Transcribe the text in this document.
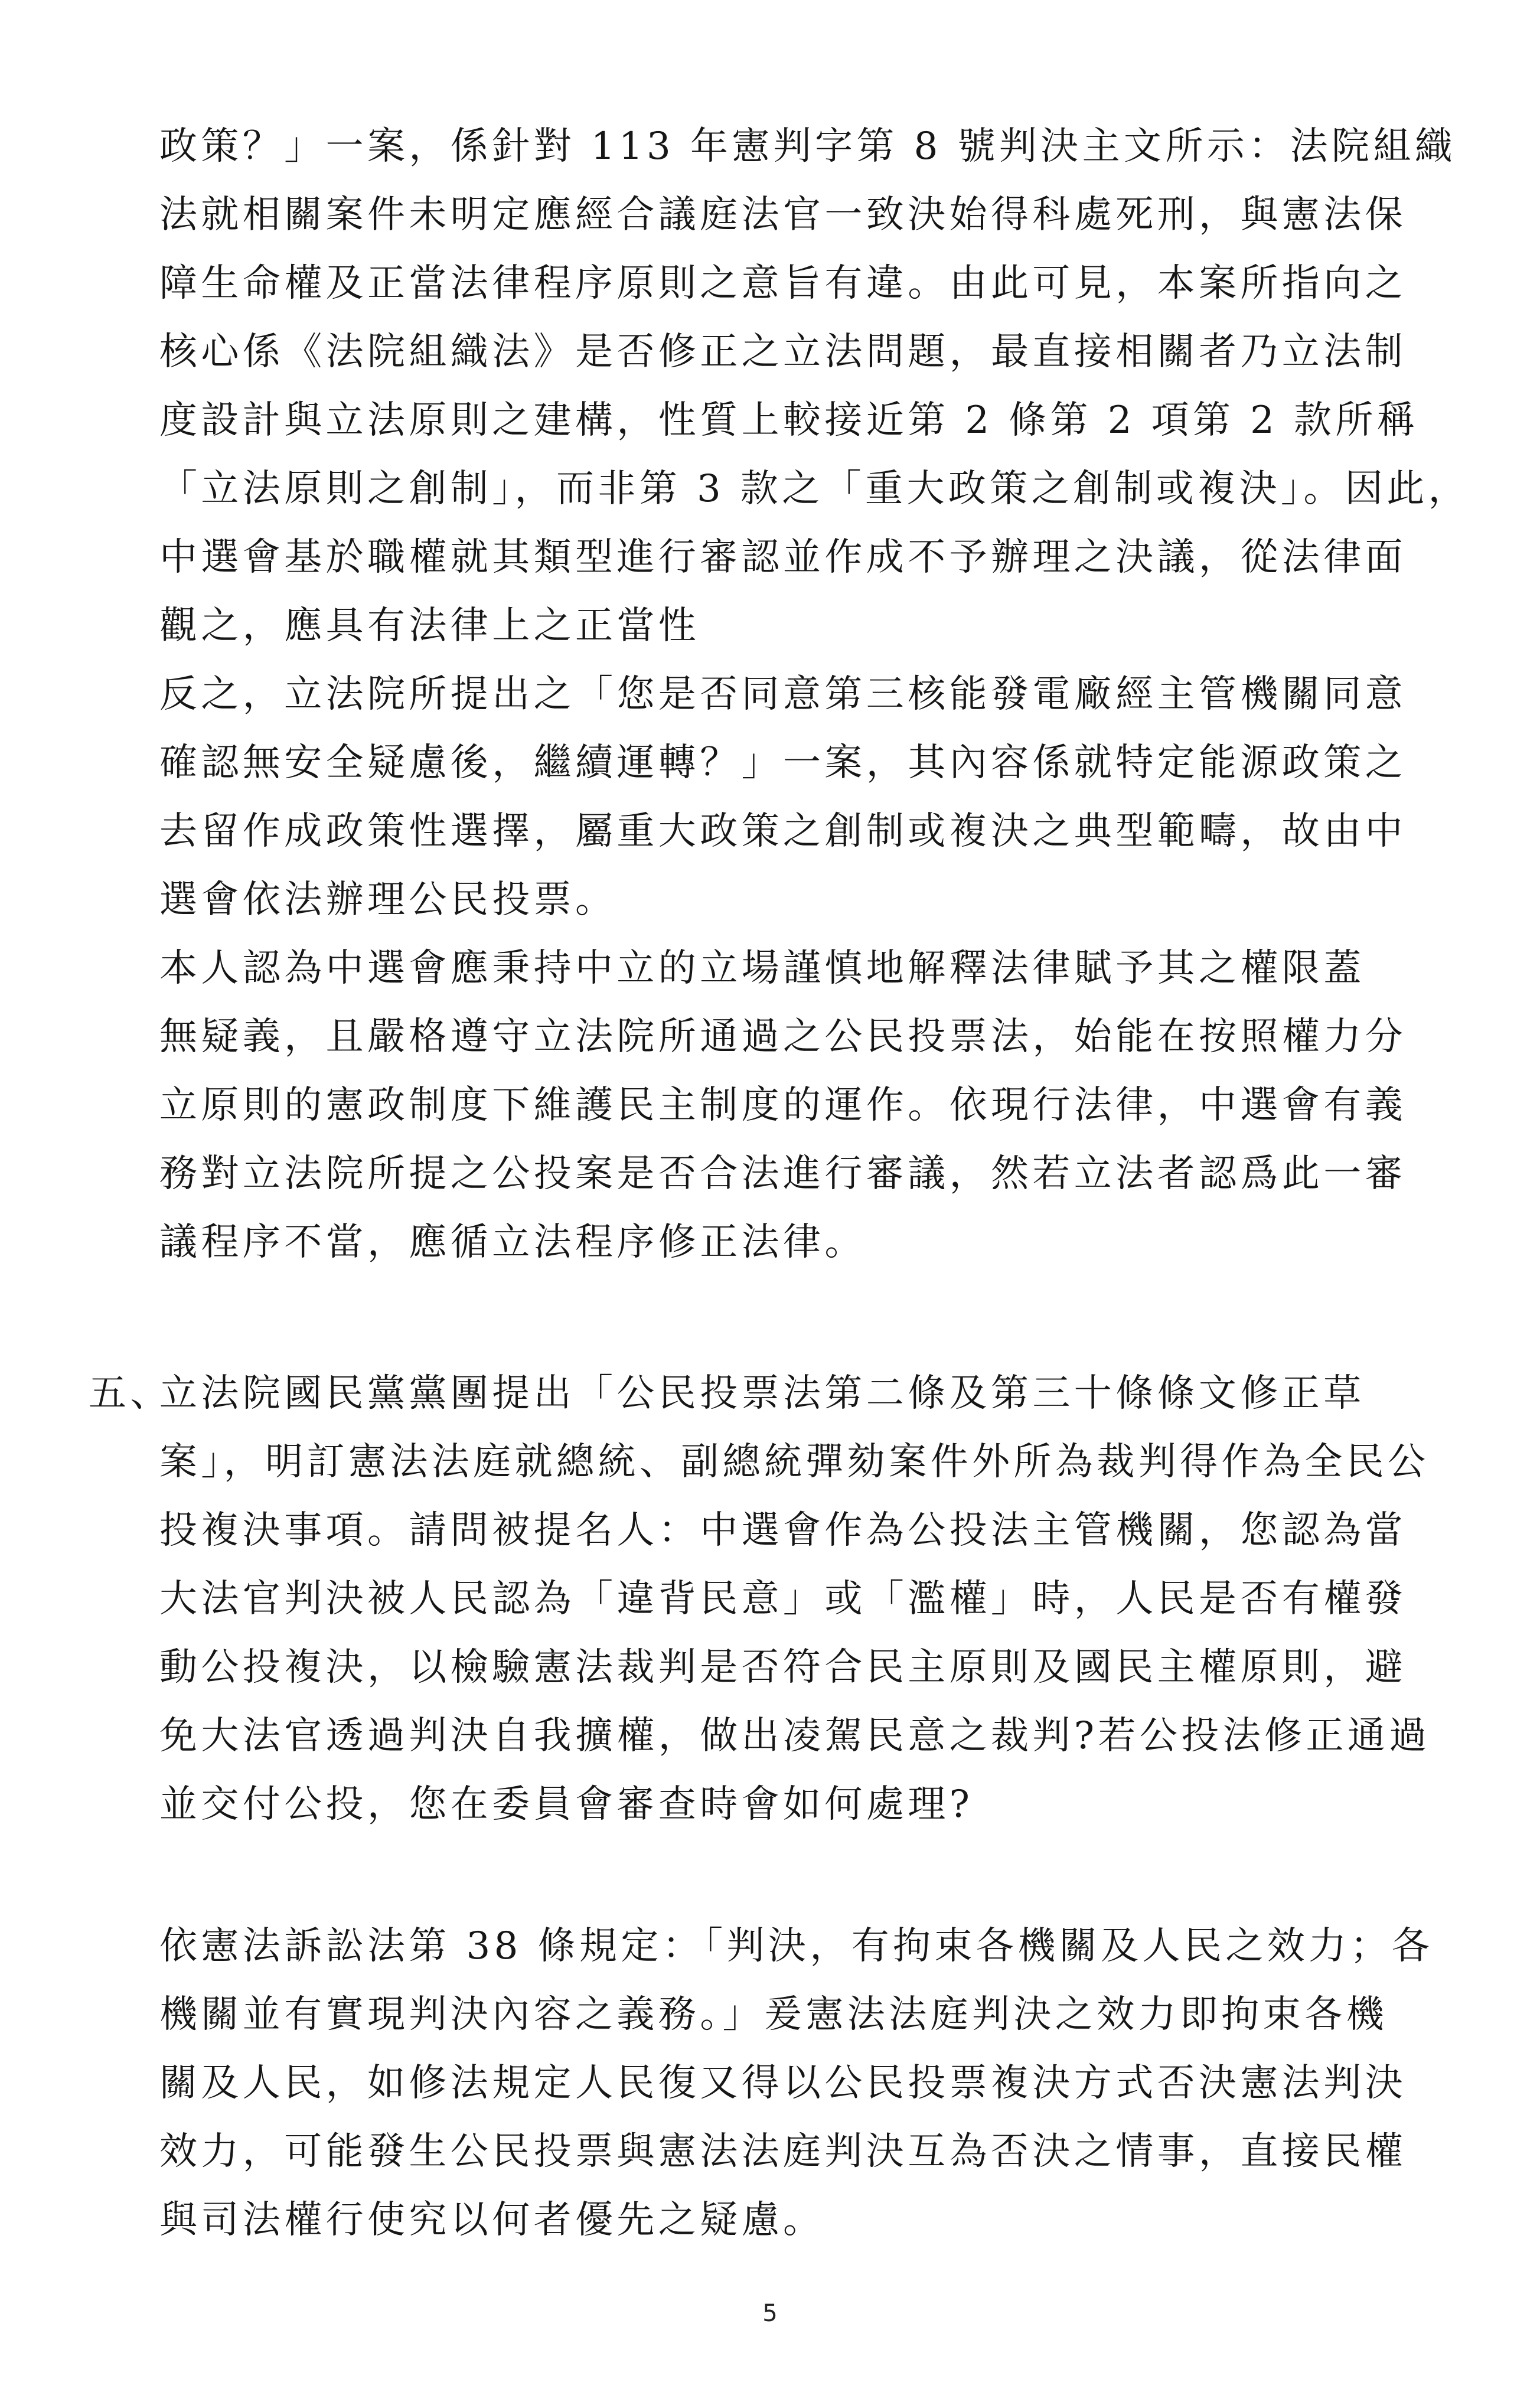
政策？」一案，係針對 113 年憲判字第 8 號判決主文所示：法院組織
法就相關案件未明定應經合議庭法官一致決始得科處死刑，與憲法保
障生命權及正當法律程序原則之意旨有違。由此可見，本案所指向之
核心係《法院組織法》是否修正之立法問題，最直接相關者乃立法制
度設計與立法原則之建構，性質上較接近第 2 條第 2 項第 2 款所稱
「立法原則之創制」，而非第 3 款之「重大政策之創制或複決」。因此，
中選會基於職權就其類型進行審認並作成不予辦理之決議，從法律面
觀之，應具有法律上之正當性
反之，立法院所提出之「您是否同意第三核能發電廠經主管機關同意
確認無安全疑慮後，繼續運轉？」一案，其內容係就特定能源政策之
去留作成政策性選擇，屬重大政策之創制或複決之典型範疇，故由中
選會依法辦理公民投票。
本人認為中選會應秉持中立的立場謹慎地解釋法律賦予其之權限蓋
無疑義，且嚴格遵守立法院所通過之公民投票法，始能在按照權力分
立原則的憲政制度下維護民主制度的運作。依現行法律，中選會有義
務對立法院所提之公投案是否合法進行審議，然若立法者認爲此一審
議程序不當，應循立法程序修正法律。
五、
立法院國民黨黨團提出「公民投票法第二條及第三十條條文修正草
案」，明訂憲法法庭就總統、副總統彈劾案件外所為裁判得作為全民公
投複決事項。請問被提名人：中選會作為公投法主管機關，您認為當
大法官判決被人民認為「違背民意」或「濫權」時，人民是否有權發
動公投複決，以檢驗憲法裁判是否符合民主原則及國民主權原則，避
免大法官透過判決自我擴權，做出凌駕民意之裁判?若公投法修正通過
並交付公投，您在委員會審查時會如何處理?
依憲法訴訟法第 38 條規定：「判決，有拘束各機關及人民之效力；各
機關並有實現判決內容之義務。」爰憲法法庭判決之效力即拘束各機
關及人民，如修法規定人民復又得以公民投票複決方式否決憲法判決
效力，可能發生公民投票與憲法法庭判決互為否決之情事，直接民權
與司法權行使究以何者優先之疑慮。
5
